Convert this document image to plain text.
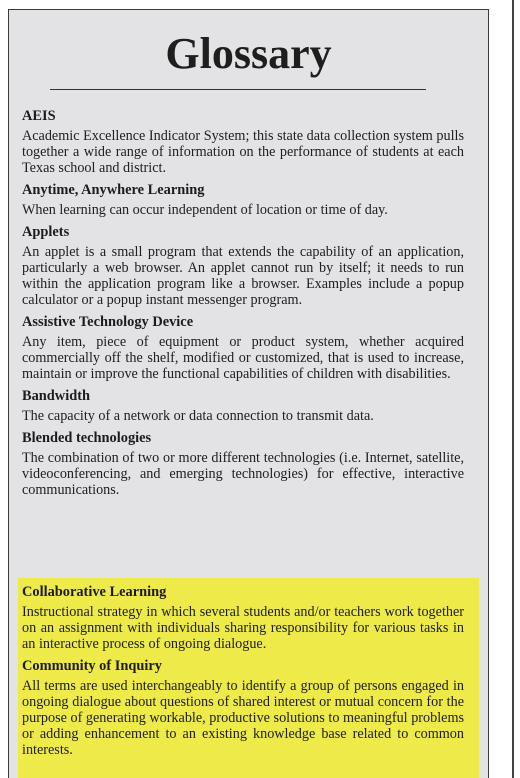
Glossary

AEIS

Academic Excellence Indicator System; this state data collection system pulls together a wide range of information on the performance of students at each Texas school and district.

Anytime, Anywhere Learning

When learning can occur independent of location or time of day.

Applets

An applet is a small program that extends the capability of an application, particularly a web browser. An applet cannot run by itself; it needs to run within the application program like a browser. Examples include a popup calculator or a popup instant messenger program.

Assistive Technology Device

Any item, piece of equipment or product system, whether acquired commercially off the shelf, modified or customized, that is used to increase, maintain or improve the functional capabilities of children with disabilities.

Bandwidth

The capacity of a network or data connection to transmit data.

Blended technologies

The combination of two or more different technologies (i.e. Internet, satellite, videoconferencing, and emerging technologies) for effective, interactive communications.

Collaborative Learning

Instructional strategy in which several students and/or teachers work together on an assignment with individuals sharing responsibility for various tasks in an interactive process of ongoing dialogue.

Community of Inquiry

All terms are used interchangeably to identify a group of persons engaged in ongoing dialogue about questions of shared interest or mutual concern for the purpose of generating workable, productive solutions to meaningful problems or adding enhancement to an existing knowledge base related to common interests.
